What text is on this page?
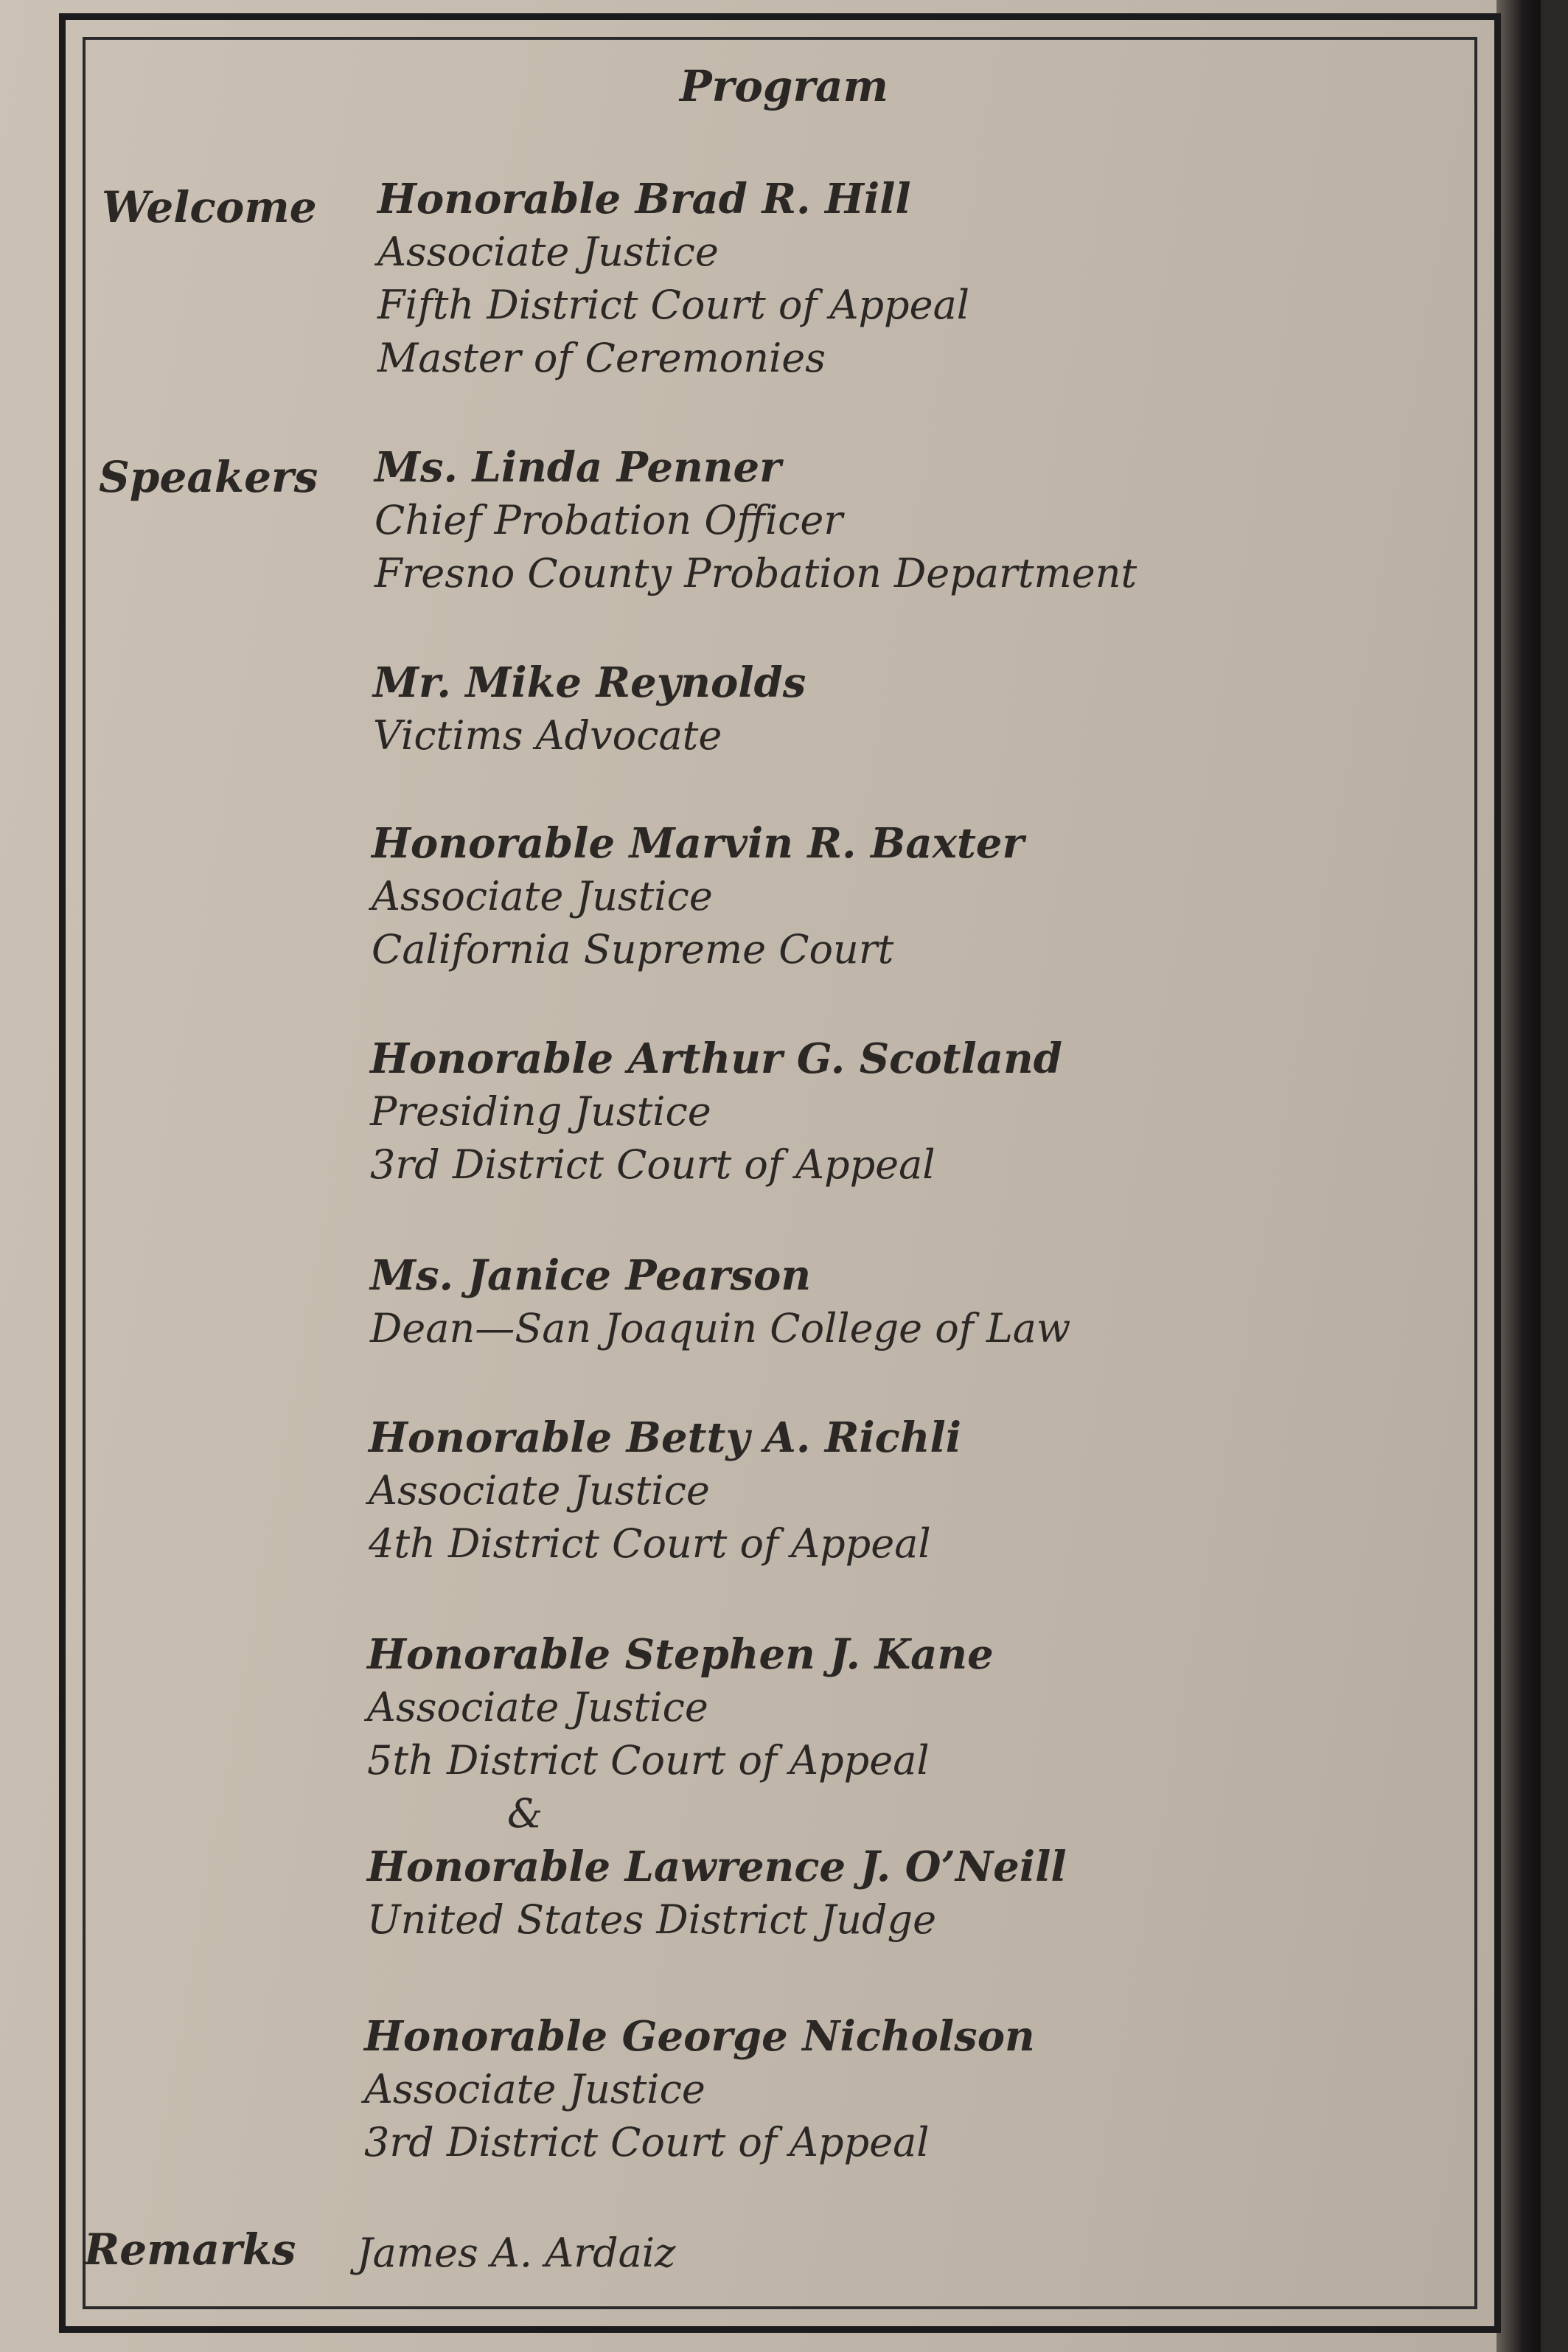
Program
Welcome Honorable Brad R. Hill
Associate Justice
Fifth District Court of Appeal
Master of Ceremonies
Speakers Ms. Linda Penner
Chief Probation Officer
Fresno County Probation Department
Mr. Mike Reynolds
Victims Advocate
Honorable Marvin R. Baxter
Associate Justice
California Supreme Court
Honorable Arthur G. Scotland
Presiding Justice
3rd District Court of Appeal
Ms. Janice Pearson
Dean—San Joaquin College of Law
Honorable Betty A. Richli
Associate Justice
4th District Court of Appeal
Honorable Stephen J. Kane
Associate Justice
5th District Court of Appeal
&
Honorable Lawrence J. O’Neill
United States District Judge
Honorable George Nicholson
Associate Justice
3rd District Court of Appeal
Remarks James A. Ardaiz
